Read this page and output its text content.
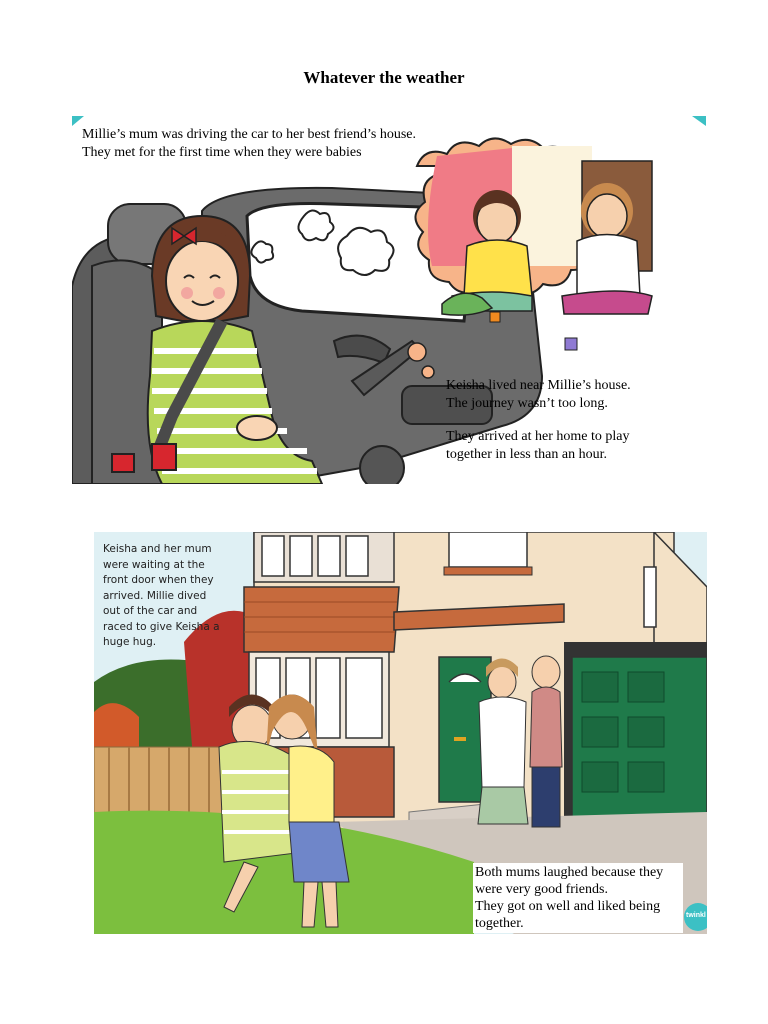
Whatever the weather
Millie’s mum was driving the car to her best friend’s house.
They met for the first time when they were babies
Keisha lived near Millie’s house.
The journey wasn’t too long.
They arrived at her home to play
together in less than an hour.
Keisha and her mum
were waiting at the
front door when they
arrived. Millie dived
out of the car and
raced to give Keisha a
huge hug.
Both mums laughed because they
were very good friends.
They got on well and liked being
together.
twinkl
